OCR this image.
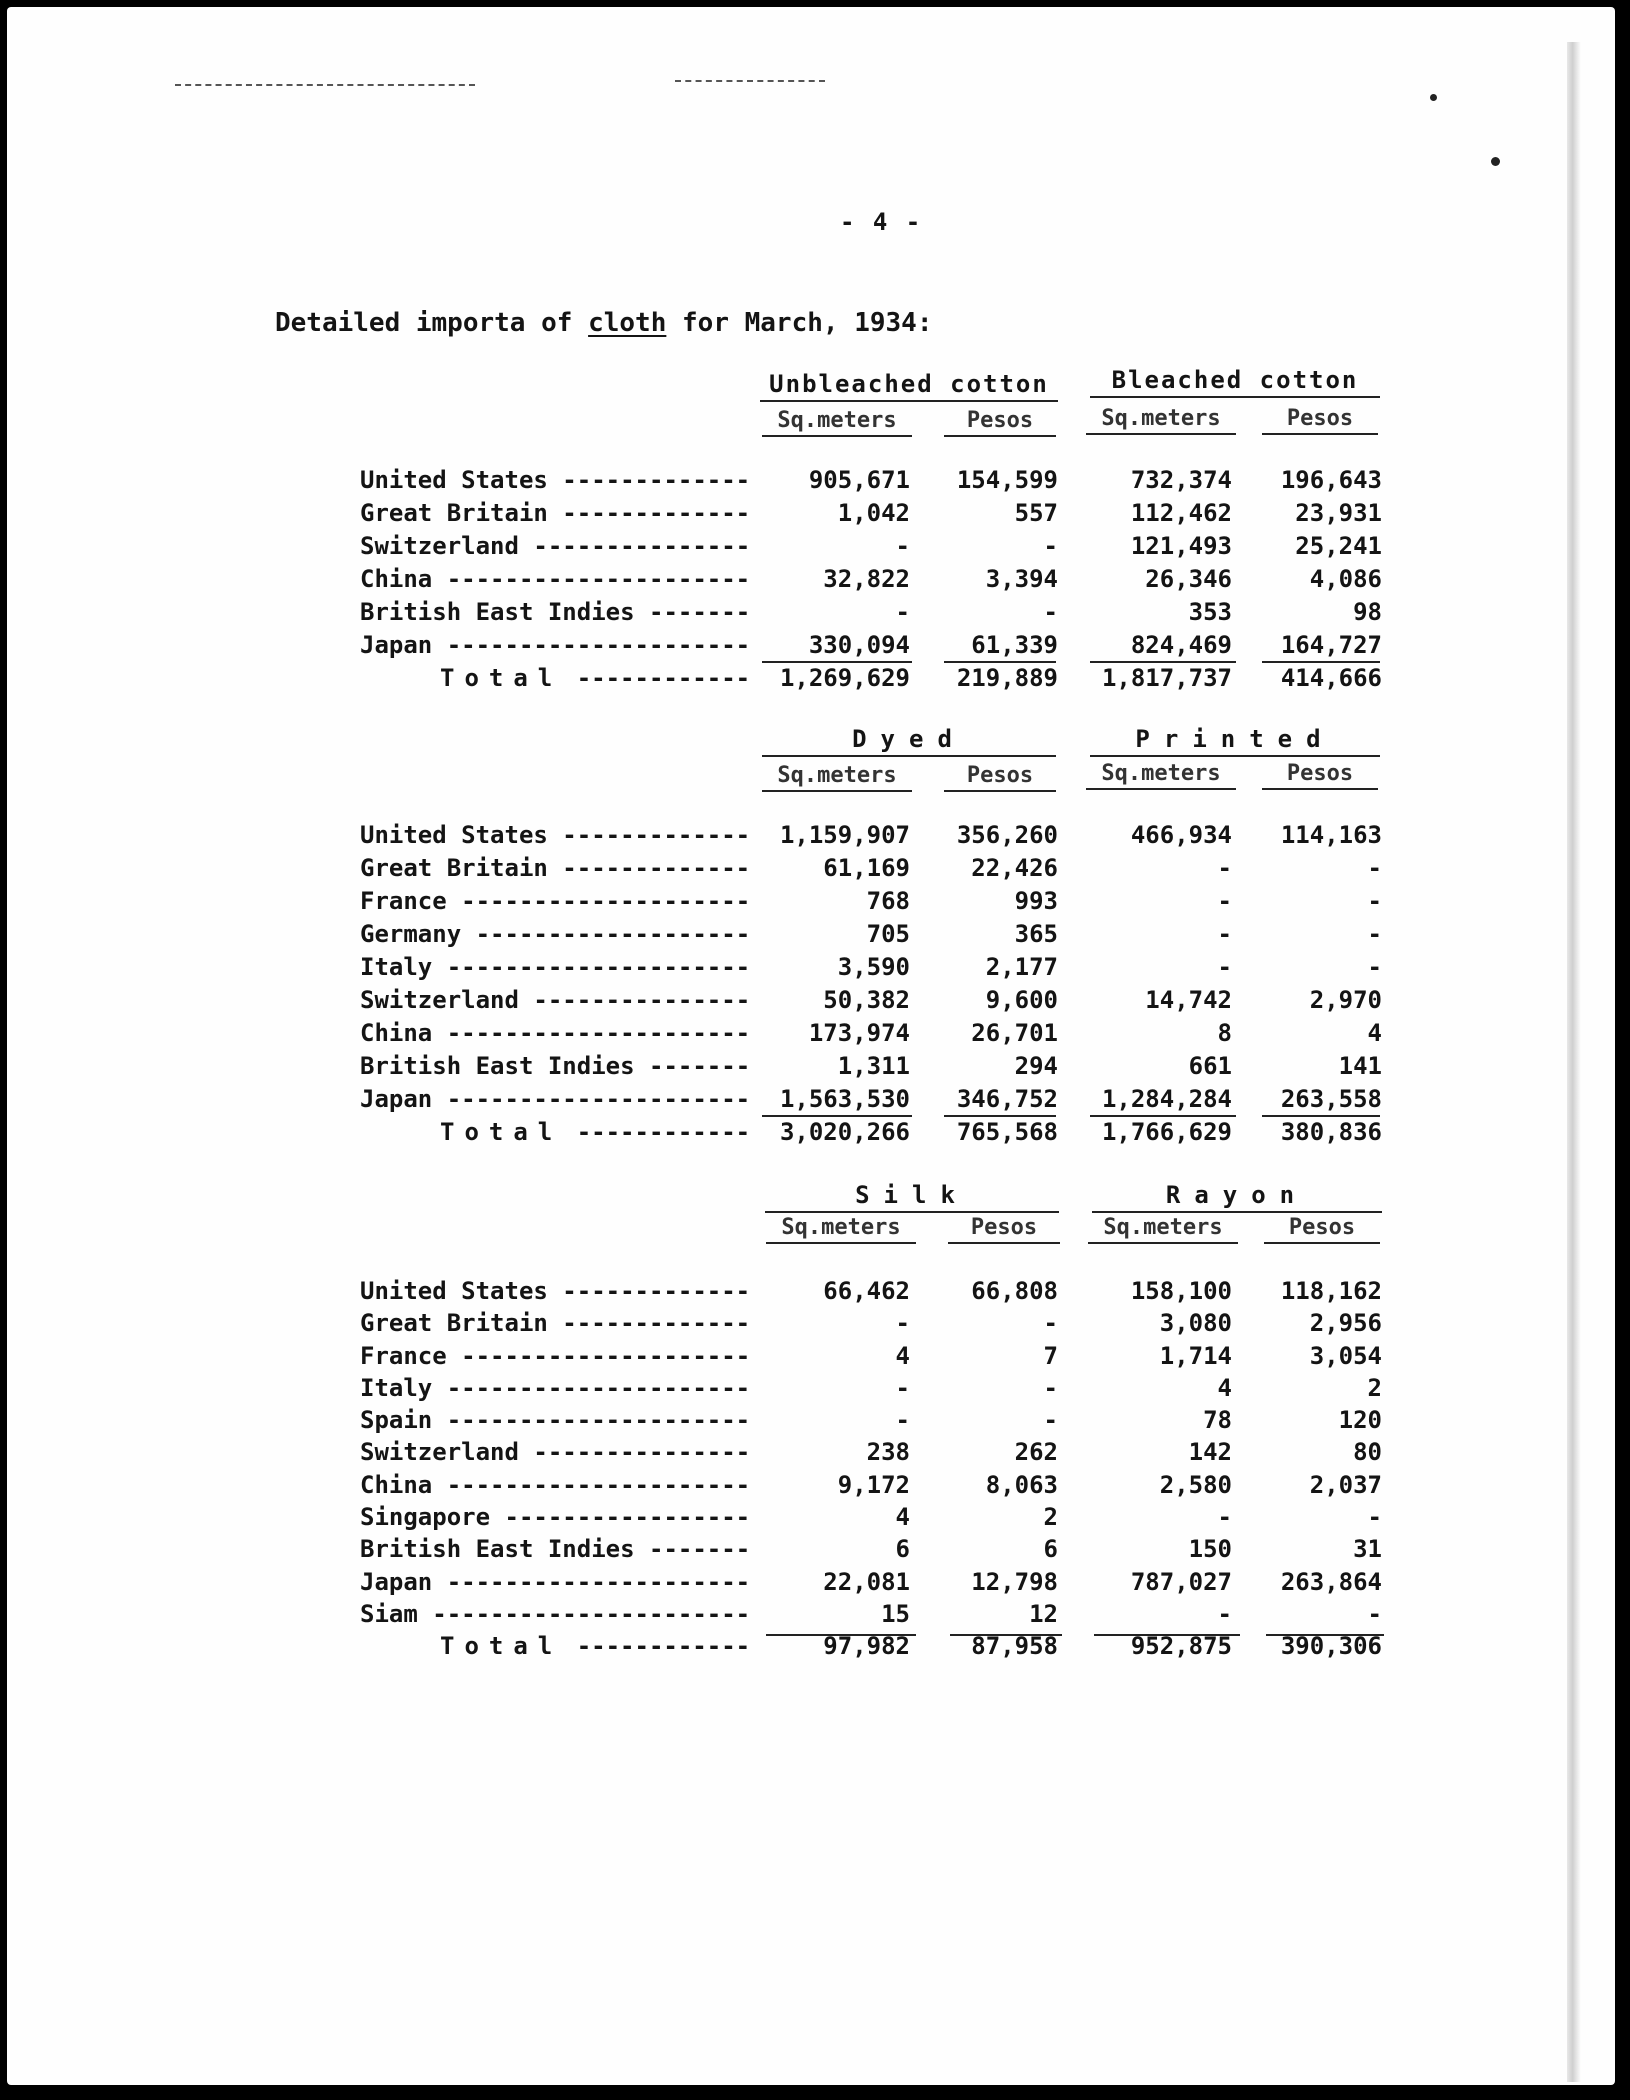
- 4 -
Detailed importa of cloth for March, 1934:
Unbleached cotton	Bleached cotton
Sq.meters	Pesos	Sq.meters	Pesos
United States -----	905,671	154,599	732,374	196,643
Great Britain -----	1,042	557	112,462	23,931
Switzerland -----	-	-	121,493	25,241
China -----	32,822	3,394	26,346	4,086
British East Indies -----	-	-	353	98
Japan -----	330,094	61,339	824,469	164,727
Total -----	1,269,629	219,889	1,817,737	414,666
Dyed	Printed
Sq.meters	Pesos	Sq.meters	Pesos
United States -----	1,159,907	356,260	466,934	114,163
Great Britain -----	61,169	22,426	-	-
France -----	768	993	-	-
Germany -----	705	365	-	-
Italy -----	3,590	2,177	-	-
Switzerland -----	50,382	9,600	14,742	2,970
China -----	173,974	26,701	8	4
British East Indies -----	1,311	294	661	141
Japan -----	1,563,530	346,752	1,284,284	263,558
Total -----	3,020,266	765,568	1,766,629	380,836
Silk	Rayon
Sq.meters	Pesos	Sq.meters	Pesos
United States -----	66,462	66,808	158,100	118,162
Great Britain -----	-	-	3,080	2,956
France -----	4	7	1,714	3,054
Italy -----	-	-	4	2
Spain -----	-	-	78	120
Switzerland -----	238	262	142	80
China -----	9,172	8,063	2,580	2,037
Singapore -----	4	2	-	-
British East Indies -----	6	6	150	31
Japan -----	22,081	12,798	787,027	263,864
Siam -----	15	12	-	-
Total -----	97,982	87,958	952,875	390,306
